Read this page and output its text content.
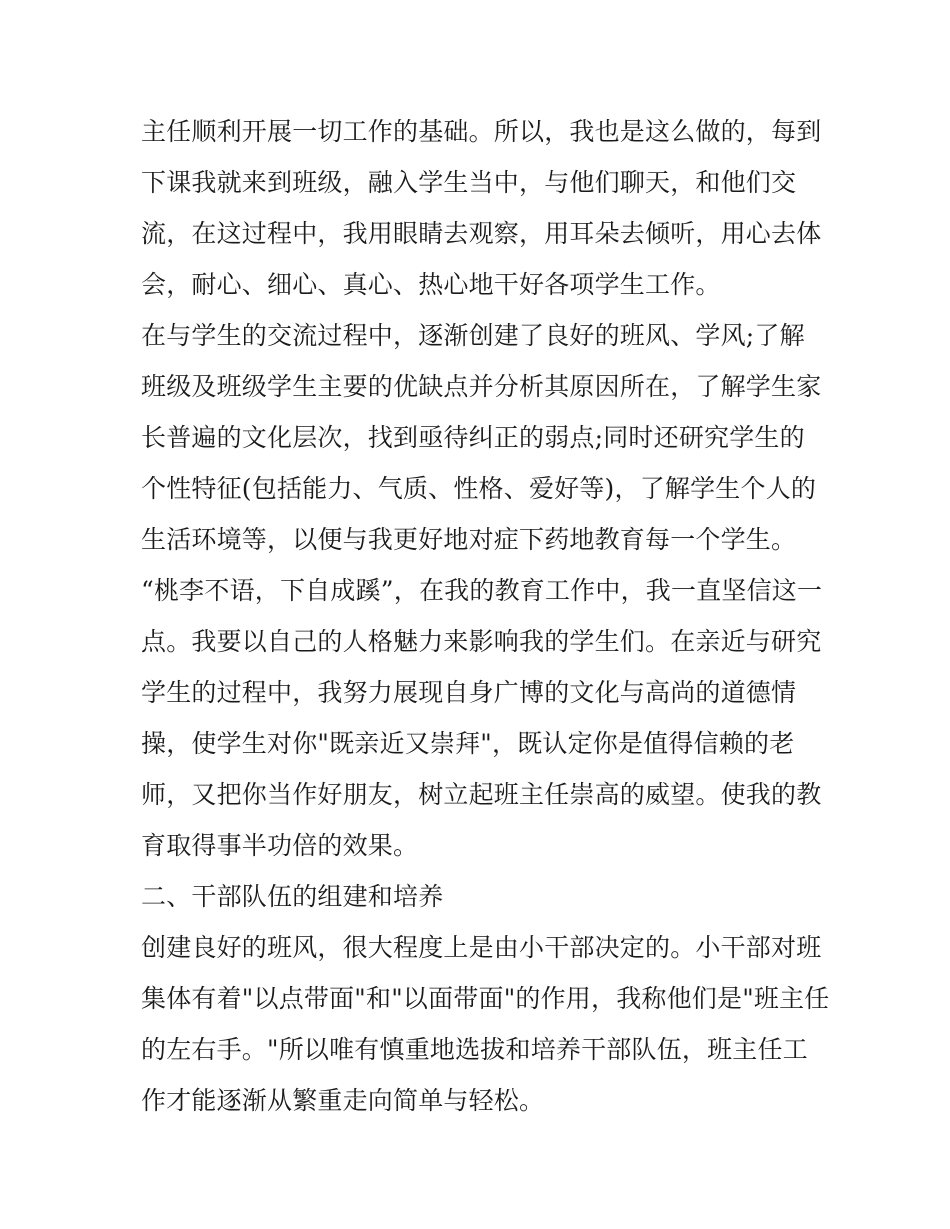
主任顺利开展一切工作的基础。所以，我也是这么做的，每到
下课我就来到班级，融入学生当中，与他们聊天，和他们交
流，在这过程中，我用眼睛去观察，用耳朵去倾听，用心去体
会，耐心、细心、真心、热心地干好各项学生工作。
在与学生的交流过程中，逐渐创建了良好的班风、学风;了解
班级及班级学生主要的优缺点并分析其原因所在，了解学生家
长普遍的文化层次，找到亟待纠正的弱点;同时还研究学生的
个性特征(包括能力、气质、性格、爱好等)，了解学生个人的
生活环境等，以便与我更好地对症下药地教育每一个学生。
“桃李不语，下自成蹊”，在我的教育工作中，我一直坚信这一
点。我要以自己的人格魅力来影响我的学生们。在亲近与研究
学生的过程中，我努力展现自身广博的文化与高尚的道德情
操，使学生对你"既亲近又崇拜"，既认定你是值得信赖的老
师，又把你当作好朋友，树立起班主任崇高的威望。使我的教
育取得事半功倍的效果。
二、干部队伍的组建和培养
创建良好的班风，很大程度上是由小干部决定的。小干部对班
集体有着"以点带面"和"以面带面"的作用，我称他们是"班主任
的左右手。"所以唯有慎重地选拔和培养干部队伍，班主任工
作才能逐渐从繁重走向简单与轻松。
